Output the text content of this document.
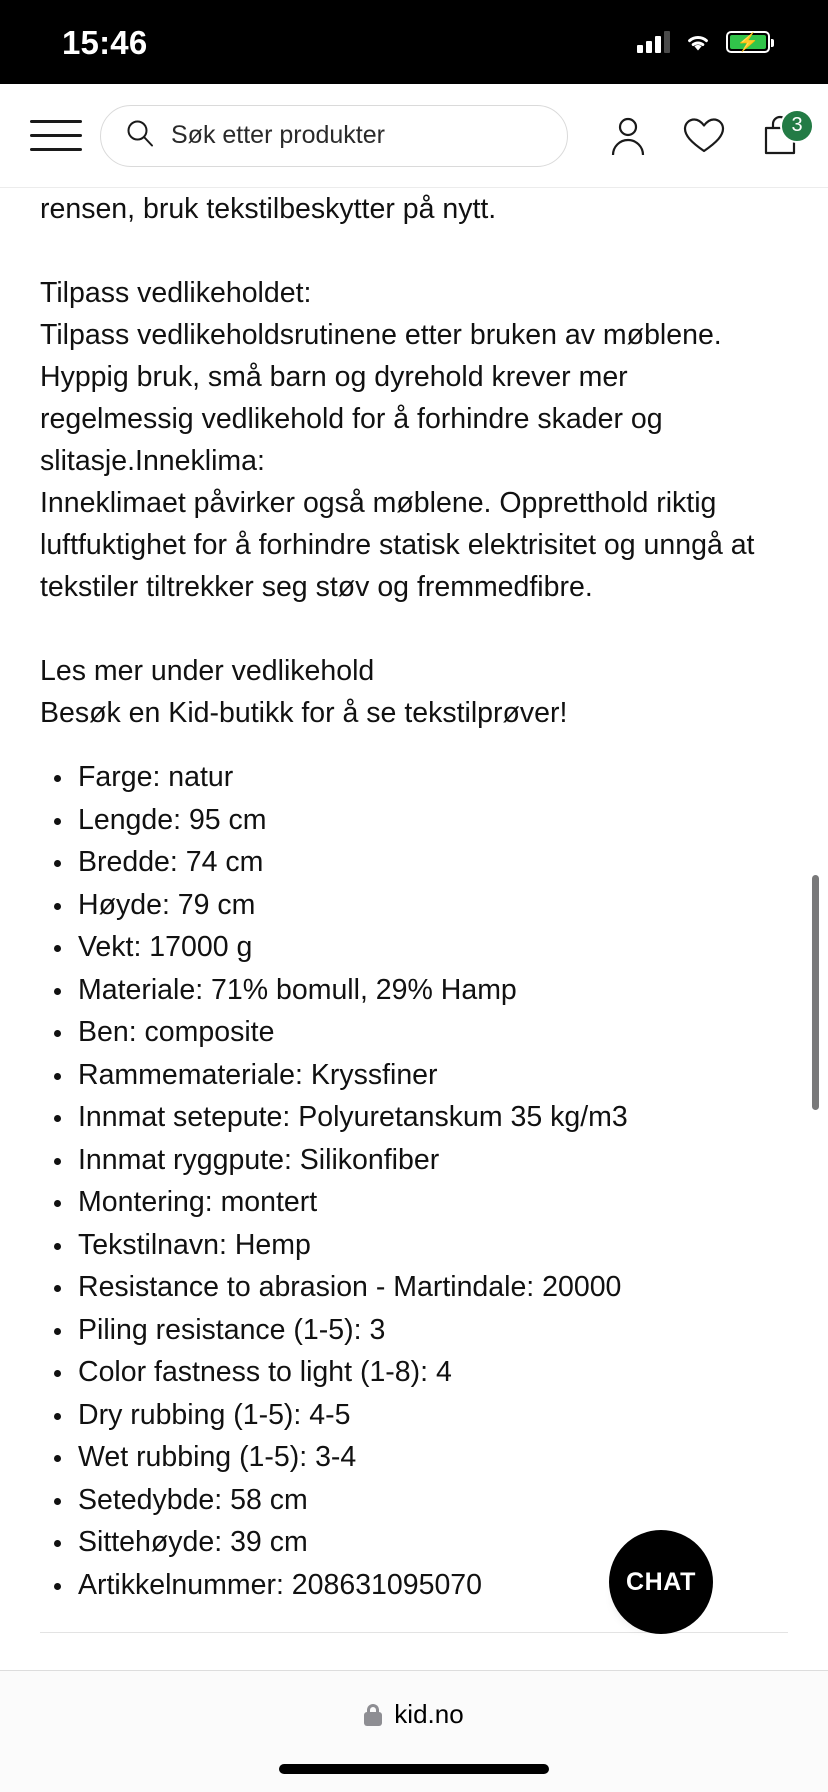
15:46	⚡
Søk etter produkter	3
rensen, bruk tekstilbeskytter på nytt.
Tilpass vedlikeholdet:
Tilpass vedlikeholdsrutinene etter bruken av møblene. Hyppig bruk, små barn og dyrehold krever mer regelmessig vedlikehold for å forhindre skader og slitasje.Inneklima:
Inneklimaet påvirker også møblene. Oppretthold riktig luftfuktighet for å forhindre statisk elektrisitet og unngå at tekstiler tiltrekker seg støv og fremmedfibre.
Les mer under vedlikehold
Besøk en Kid-butikk for å se tekstilprøver!
Farge: natur
Lengde: 95 cm
Bredde: 74 cm
Høyde: 79 cm
Vekt: 17000 g
Materiale: 71% bomull, 29% Hamp
Ben: composite
Rammemateriale: Kryssfiner
Innmat setepute: Polyuretanskum 35 kg/m3
Innmat ryggpute: Silikonfiber
Montering: montert
Tekstilnavn: Hemp
Resistance to abrasion - Martindale: 20000
Piling resistance (1-5): 3
Color fastness to light (1-8): 4
Dry rubbing (1-5): 4-5
Wet rubbing (1-5): 3-4
Setedybde: 58 cm
Sittehøyde: 39 cm
Artikkelnummer: 208631095070	CHAT
kid.no
